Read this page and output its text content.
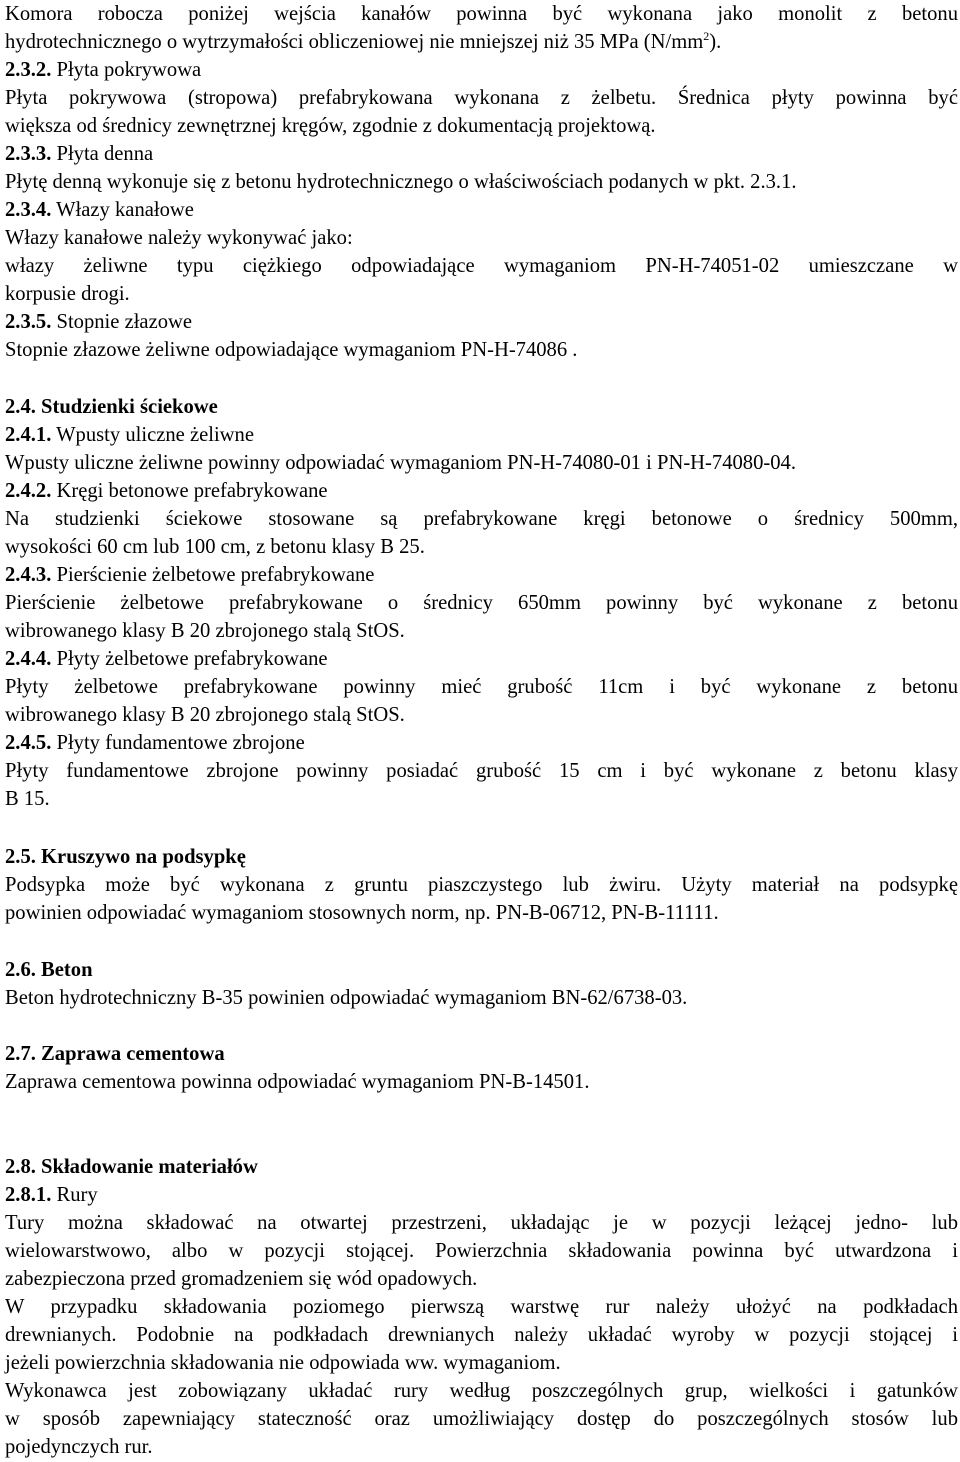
Komora robocza poniżej wejścia kanałów powinna być wykonana jako monolit z betonu
hydrotechnicznego o wytrzymałości obliczeniowej nie mniejszej niż 35 MPa $(N/mm^2)$.
2.3.2. Płyta pokrywowa
Płyta pokrywowa (stropowa) prefabrykowana wykonana z żelbetu. Średnica płyty powinna być
większa od średnicy zewnętrznej kręgów, zgodnie z dokumentacją projektową.
2.3.3. Płyta denna
Płytę denną wykonuje się z betonu hydrotechnicznego o właściwościach podanych w pkt. 2.3.1.
2.3.4. Włazy kanałowe
Włazy kanałowe należy wykonywać jako:
włazy żeliwne typu ciężkiego odpowiadające wymaganiom PN-H-74051-02 umieszczane w
korpusie drogi.
2.3.5. Stopnie złazowe
Stopnie złazowe żeliwne odpowiadające wymaganiom PN-H-74086 .
2.4. Studzienki ściekowe
2.4.1. Wpusty uliczne żeliwne
Wpusty uliczne żeliwne powinny odpowiadać wymaganiom PN-H-74080-01 i PN-H-74080-04.
2.4.2. Kręgi betonowe prefabrykowane
Na studzienki ściekowe stosowane są prefabrykowane kręgi betonowe o średnicy 500mm,
wysokości 60 cm lub 100 cm, z betonu klasy B 25.
2.4.3. Pierścienie żelbetowe prefabrykowane
Pierścienie żelbetowe prefabrykowane o średnicy 650mm powinny być wykonane z betonu
wibrowanego klasy B 20 zbrojonego stalą StOS.
2.4.4. Płyty żelbetowe prefabrykowane
Płyty żelbetowe prefabrykowane powinny mieć grubość 11cm i być wykonane z betonu
wibrowanego klasy B 20 zbrojonego stalą StOS.
2.4.5. Płyty fundamentowe zbrojone
Płyty fundamentowe zbrojone powinny posiadać grubość 15 cm i być wykonane z betonu klasy
B 15.
2.5. Kruszywo na podsypkę
Podsypka może być wykonana z gruntu piaszczystego lub żwiru. Użyty materiał na podsypkę
powinien odpowiadać wymaganiom stosownych norm, np. PN-B-06712, PN-B-11111.
2.6. Beton
Beton hydrotechniczny B-35 powinien odpowiadać wymaganiom BN-62/6738-03.
2.7. Zaprawa cementowa
Zaprawa cementowa powinna odpowiadać wymaganiom PN-B-14501.
2.8. Składowanie materiałów
2.8.1. Rury
Tury można składować na otwartej przestrzeni, układając je w pozycji leżącej jedno- lub
wielowarstwowo, albo w pozycji stojącej. Powierzchnia składowania powinna być utwardzona i
zabezpieczona przed gromadzeniem się wód opadowych.
W przypadku składowania poziomego pierwszą warstwę rur należy ułożyć na podkładach
drewnianych. Podobnie na podkładach drewnianych należy układać wyroby w pozycji stojącej i
jeżeli powierzchnia składowania nie odpowiada ww. wymaganiom.
Wykonawca jest zobowiązany układać rury według poszczególnych grup, wielkości i gatunków
w sposób zapewniający stateczność oraz umożliwiający dostęp do poszczególnych stosów lub
pojedynczych rur.
